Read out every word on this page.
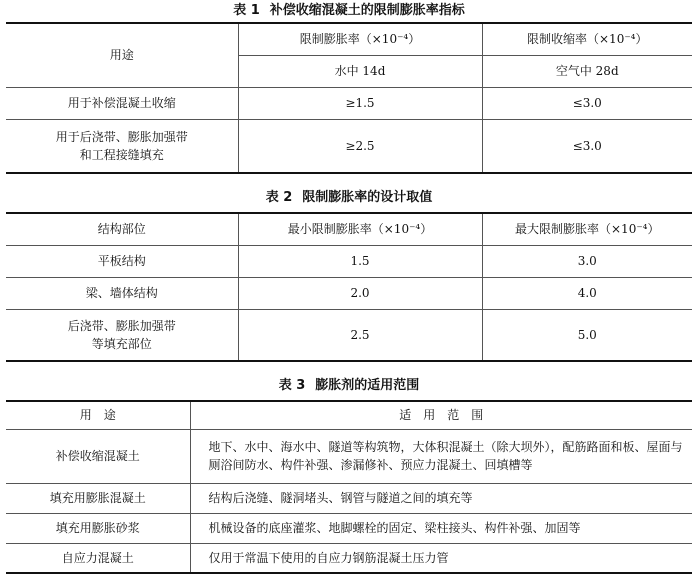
表 1 补偿收缩混凝土的限制膨胀率指标
用途	限制膨胀率（×10⁻⁴）	限制收缩率（×10⁻⁴）
	水中 14d	空气中 28d
用于补偿混凝土收缩	≥1.5	≤3.0
用于后浇带、膨胀加强带
和工程接缝填充	≥2.5	≤3.0
表 2 限制膨胀率的设计取值
结构部位	最小限制膨胀率（×10⁻⁴）	最大限制膨胀率（×10⁻⁴）
平板结构	1.5	3.0
梁、墙体结构	2.0	4.0
后浇带、膨胀加强带
等填充部位	2.5	5.0
表 3 膨胀剂的适用范围
用　途	适　用　范　围
补偿收缩混凝土	地下、水中、海水中、隧道等构筑物，大体积混凝土（除大坝外），配筋路面和板、屋面与厕浴间防水、构件补强、渗漏修补、预应力混凝土、回填槽等
填充用膨胀混凝土	结构后浇缝、隧洞堵头、钢管与隧道之间的填充等
填充用膨胀砂浆	机械设备的底座灌浆、地脚螺栓的固定、梁柱接头、构件补强、加固等
自应力混凝土	仅用于常温下使用的自应力钢筋混凝土压力管
